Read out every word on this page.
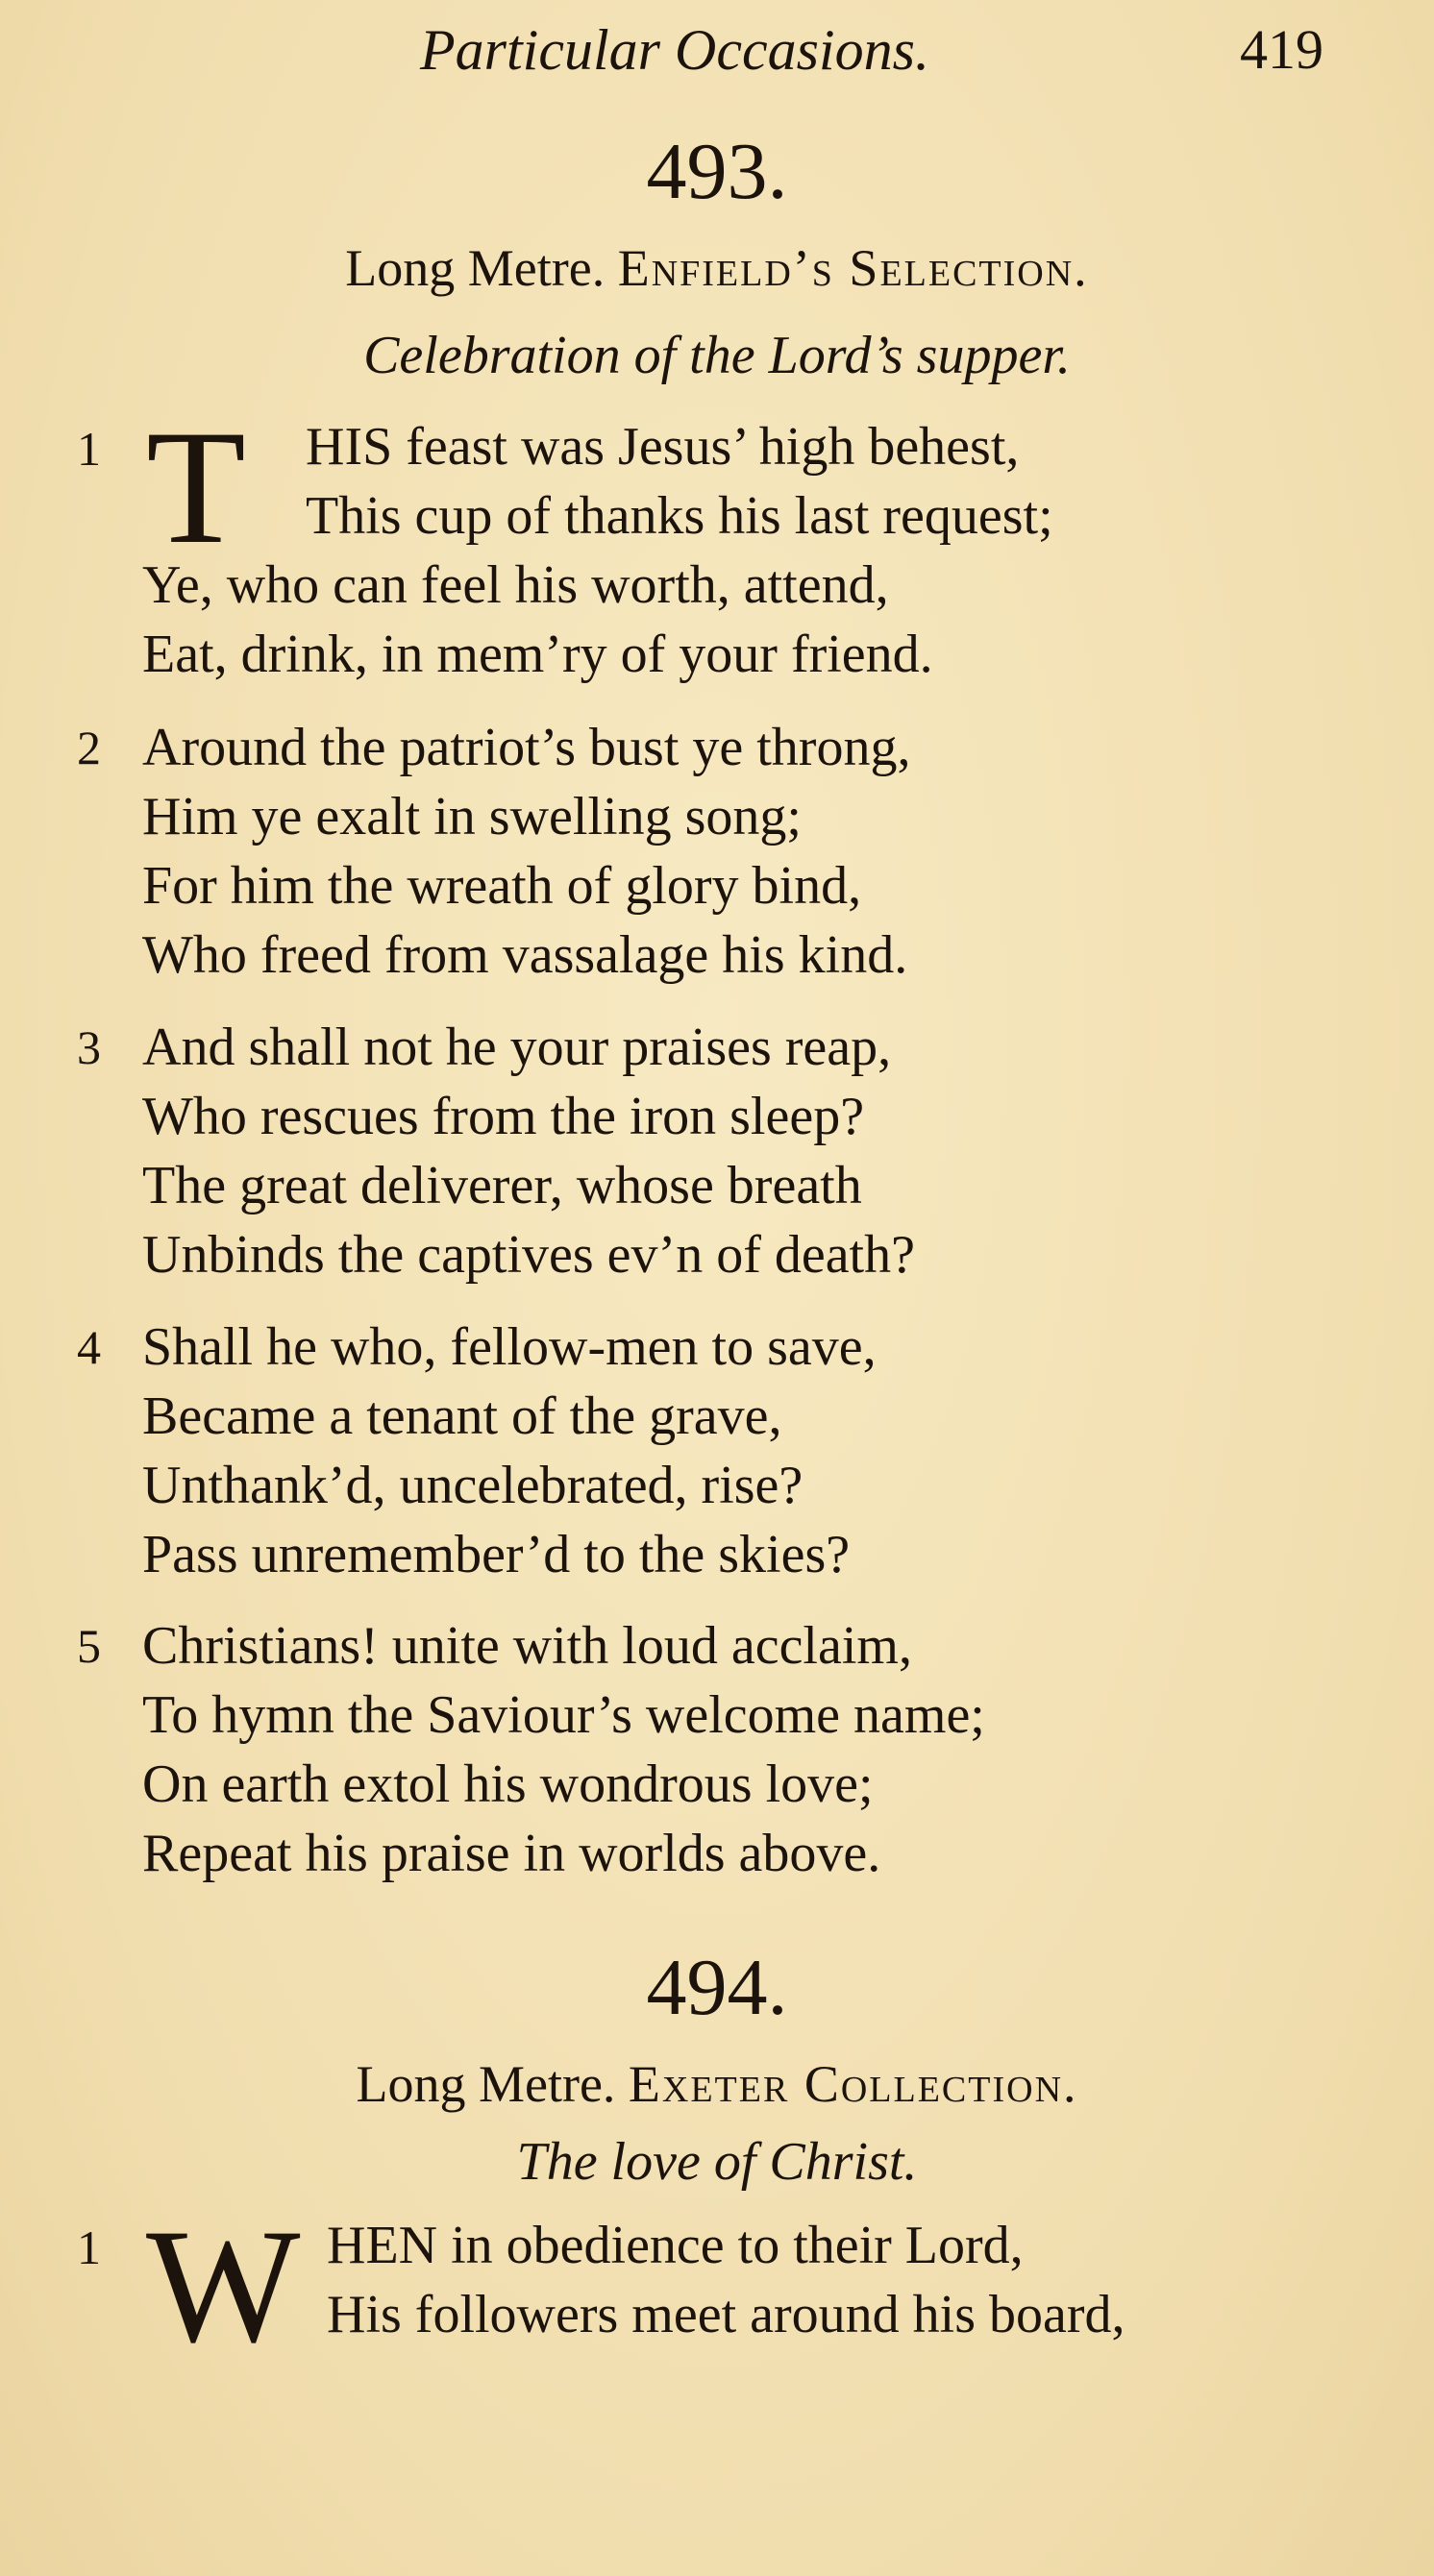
Particular Occasions.	419
493.
Long Metre. Enfield’s Selection.
Celebration of the Lord’s supper.
1 T HIS feast was Jesus’ high behest,
This cup of thanks his last request;
Ye, who can feel his worth, attend,
Eat, drink, in mem’ry of your friend.
2 Around the patriot’s bust ye throng,
Him ye exalt in swelling song;
For him the wreath of glory bind,
Who freed from vassalage his kind.
3 And shall not he your praises reap,
Who rescues from the iron sleep?
The great deliverer, whose breath
Unbinds the captives ev’n of death?
4 Shall he who, fellow-men to save,
Became a tenant of the grave,
Unthank’d, uncelebrated, rise?
Pass unremember’d to the skies?
5 Christians! unite with loud acclaim,
To hymn the Saviour’s welcome name;
On earth extol his wondrous love;
Repeat his praise in worlds above.
494.
Long Metre. Exeter Collection.
The love of Christ.
1 W HEN in obedience to their Lord,
His followers meet around his board,
